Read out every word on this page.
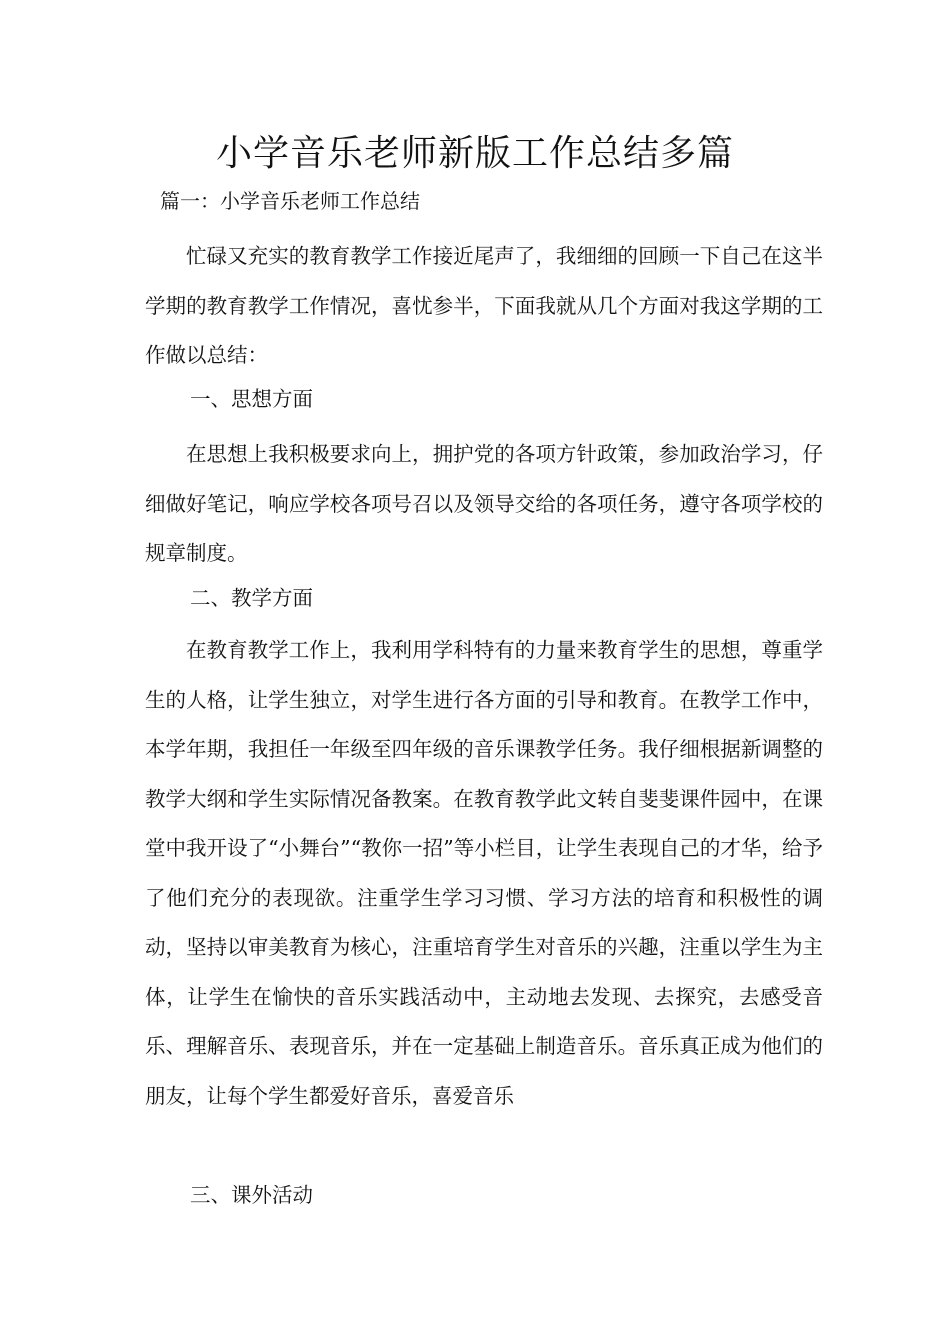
小学音乐老师新版工作总结多篇
篇一：小学音乐老师工作总结

忙碌又充实的教育教学工作接近尾声了，我细细的回顾一下自己在这半学期的教育教学工作情况，喜忧参半，下面我就从几个方面对我这学期的工作做以总结：

一、思想方面

在思想上我积极要求向上，拥护党的各项方针政策，参加政治学习，仔细做好笔记，响应学校各项号召以及领导交给的各项任务，遵守各项学校的规章制度。

二、教学方面

在教育教学工作上，我利用学科特有的力量来教育学生的思想，尊重学生的人格，让学生独立，对学生进行各方面的引导和教育。在教学工作中，本学年期，我担任一年级至四年级的音乐课教学任务。我仔细根据新调整的教学大纲和学生实际情况备教案。在教育教学此文转自斐斐课件园中，在课堂中我开设了“小舞台”“教你一招”等小栏目，让学生表现自己的才华，给予了他们充分的表现欲。注重学生学习习惯、学习方法的培育和积极性的调动，坚持以审美教育为核心，注重培育学生对音乐的兴趣，注重以学生为主体，让学生在愉快的音乐实践活动中，主动地去发现、去探究，去感受音乐、理解音乐、表现音乐，并在一定基础上制造音乐。音乐真正成为他们的朋友，让每个学生都爱好音乐，喜爱音乐

三、课外活动
